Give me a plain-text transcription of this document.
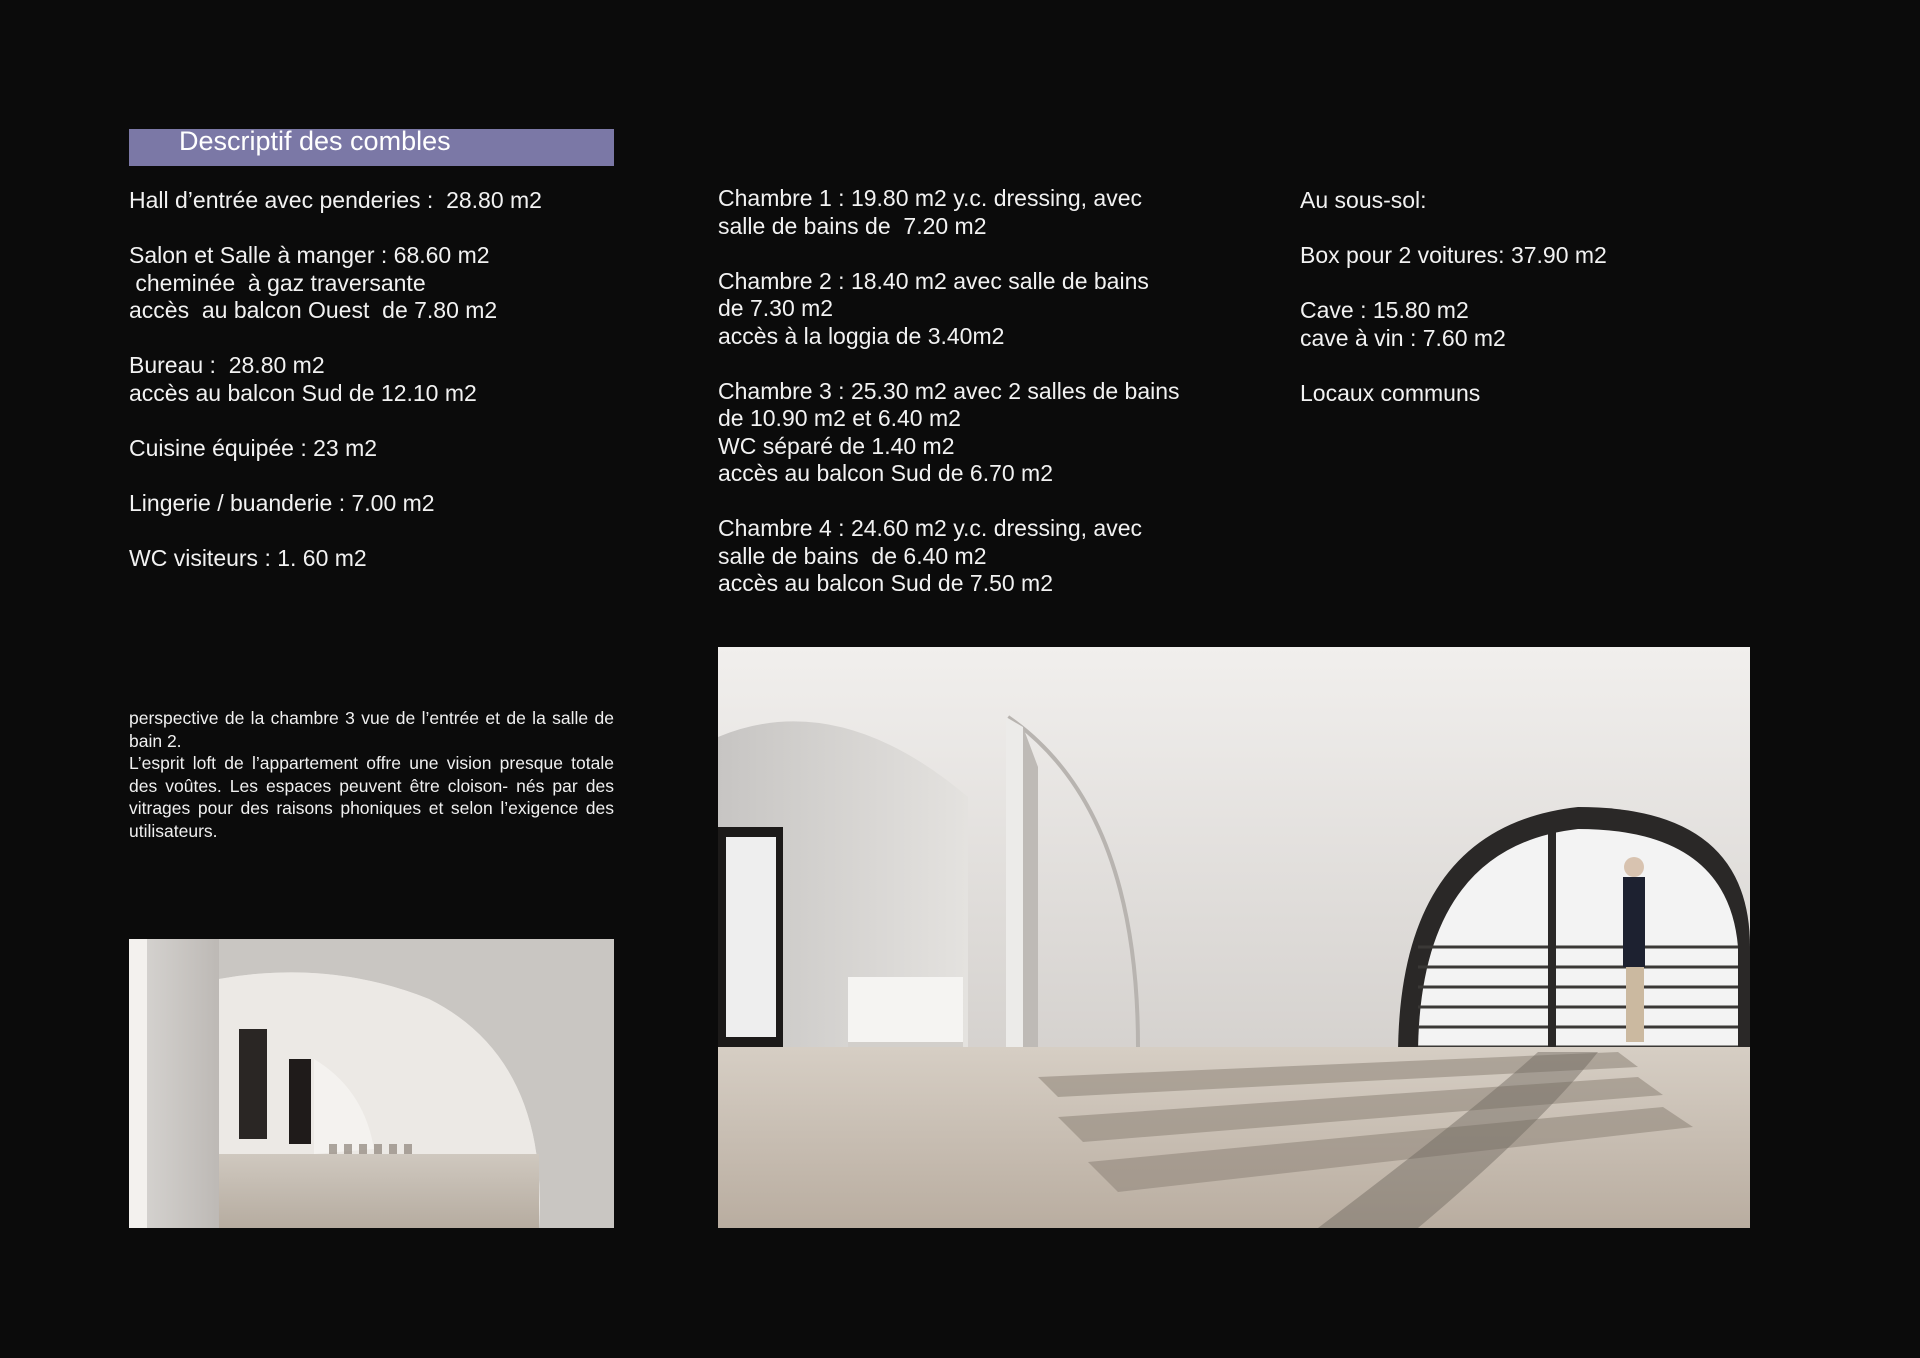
Descriptif des combles
Hall d’entrée avec penderies :  28.80 m2
Salon et Salle à manger : 68.60 m2
cheminée  à gaz traversante
accès  au balcon Ouest  de 7.80 m2
Bureau :  28.80 m2
accès au balcon Sud de 12.10 m2
Cuisine équipée : 23 m2
Lingerie / buanderie : 7.00 m2
WC visiteurs : 1. 60 m2
Chambre 1 : 19.80 m2 y.c. dressing, avec
salle de bains de  7.20 m2
Chambre 2 : 18.40 m2 avec salle de bains
de 7.30 m2
accès à la loggia de 3.40m2
Chambre 3 : 25.30 m2 avec 2 salles de bains
de 10.90 m2 et 6.40 m2
WC séparé de 1.40 m2
accès au balcon Sud de 6.70 m2
Chambre 4 : 24.60 m2 y.c. dressing, avec
salle de bains  de 6.40 m2
accès au balcon Sud de 7.50 m2
Au sous-sol:
Box pour 2 voitures: 37.90 m2
Cave : 15.80 m2
cave à vin : 7.60 m2
Locaux communs
perspective de la chambre 3 vue de l’entrée et de la salle de bain 2.
L’esprit loft de l’appartement offre une vision presque totale des voûtes. Les espaces peuvent être cloison- nés par des vitrages pour des raisons phoniques et selon l’exigence des utilisateurs.
